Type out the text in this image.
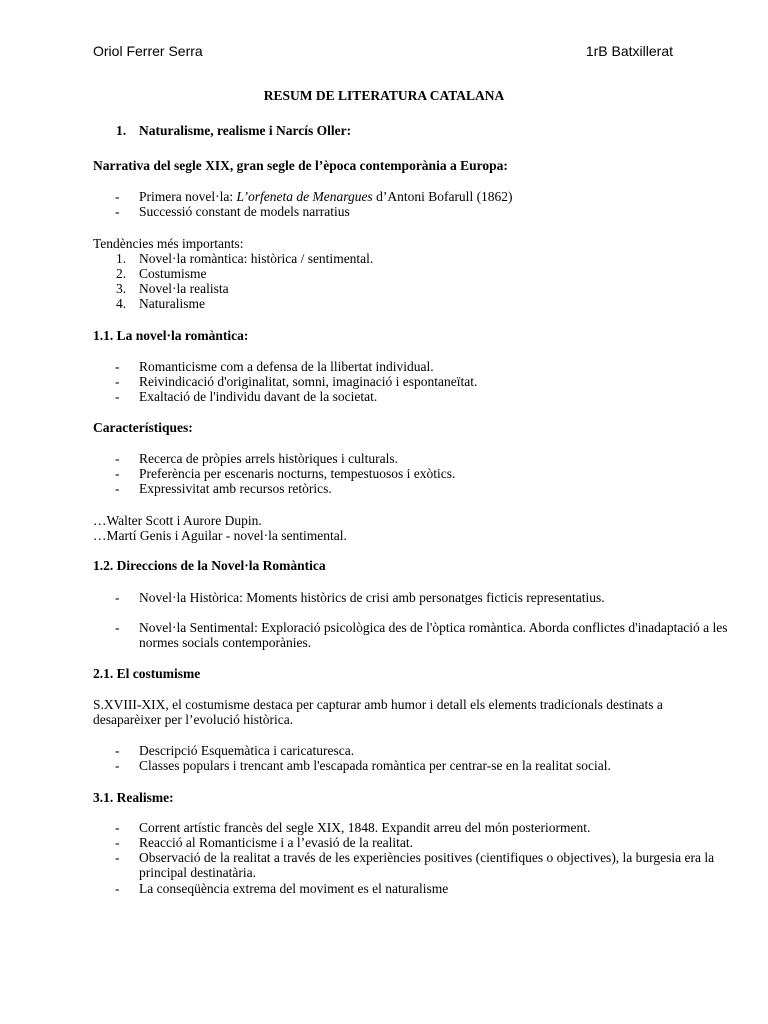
Oriol Ferrer Serra	1rB Batxillerat
RESUM DE LITERATURA CATALANA
1. Naturalisme, realisme i Narcís Oller:
Narrativa del segle XIX, gran segle de l’època contemporània a Europa:
- Primera novel·la: L’orfeneta de Menargues d’Antoni Bofarull (1862)
- Successió constant de models narratius
Tendències més importants:
1. Novel·la romàntica: històrica / sentimental.
2. Costumisme
3. Novel·la realista
4. Naturalisme
1.1. La novel·la romàntica:
- Romanticisme com a defensa de la llibertat individual.
- Reivindicació d'originalitat, somni, imaginació i espontaneïtat.
- Exaltació de l'individu davant de la societat.
Característiques:
- Recerca de pròpies arrels històriques i culturals.
- Preferència per escenaris nocturns, tempestuosos i exòtics.
- Expressivitat amb recursos retòrics.
…Walter Scott i Aurore Dupin.
…Martí Genis i Aguilar - novel·la sentimental.
1.2. Direccions de la Novel·la Romàntica
- Novel·la Històrica: Moments històrics de crisi amb personatges ficticis representatius.
- Novel·la Sentimental: Exploració psicològica des de l'òptica romàntica. Aborda conflictes d'inadaptació a les normes socials contemporànies.
2.1. El costumisme
S.XVIII-XIX, el costumisme destaca per capturar amb humor i detall els elements tradicionals destinats a desaparèixer per l’evolució històrica.
- Descripció Esquemàtica i caricaturesca.
- Classes populars i trencant amb l'escapada romàntica per centrar-se en la realitat social.
3.1. Realisme:
- Corrent artístic francès del segle XIX, 1848. Expandit arreu del món posteriorment.
- Reacció al Romanticisme i a l’evasió de la realitat.
- Observació de la realitat a través de les experiències positives (cientifiques o objectives), la burgesia era la principal destinatària.
- La conseqüència extrema del moviment es el naturalisme
